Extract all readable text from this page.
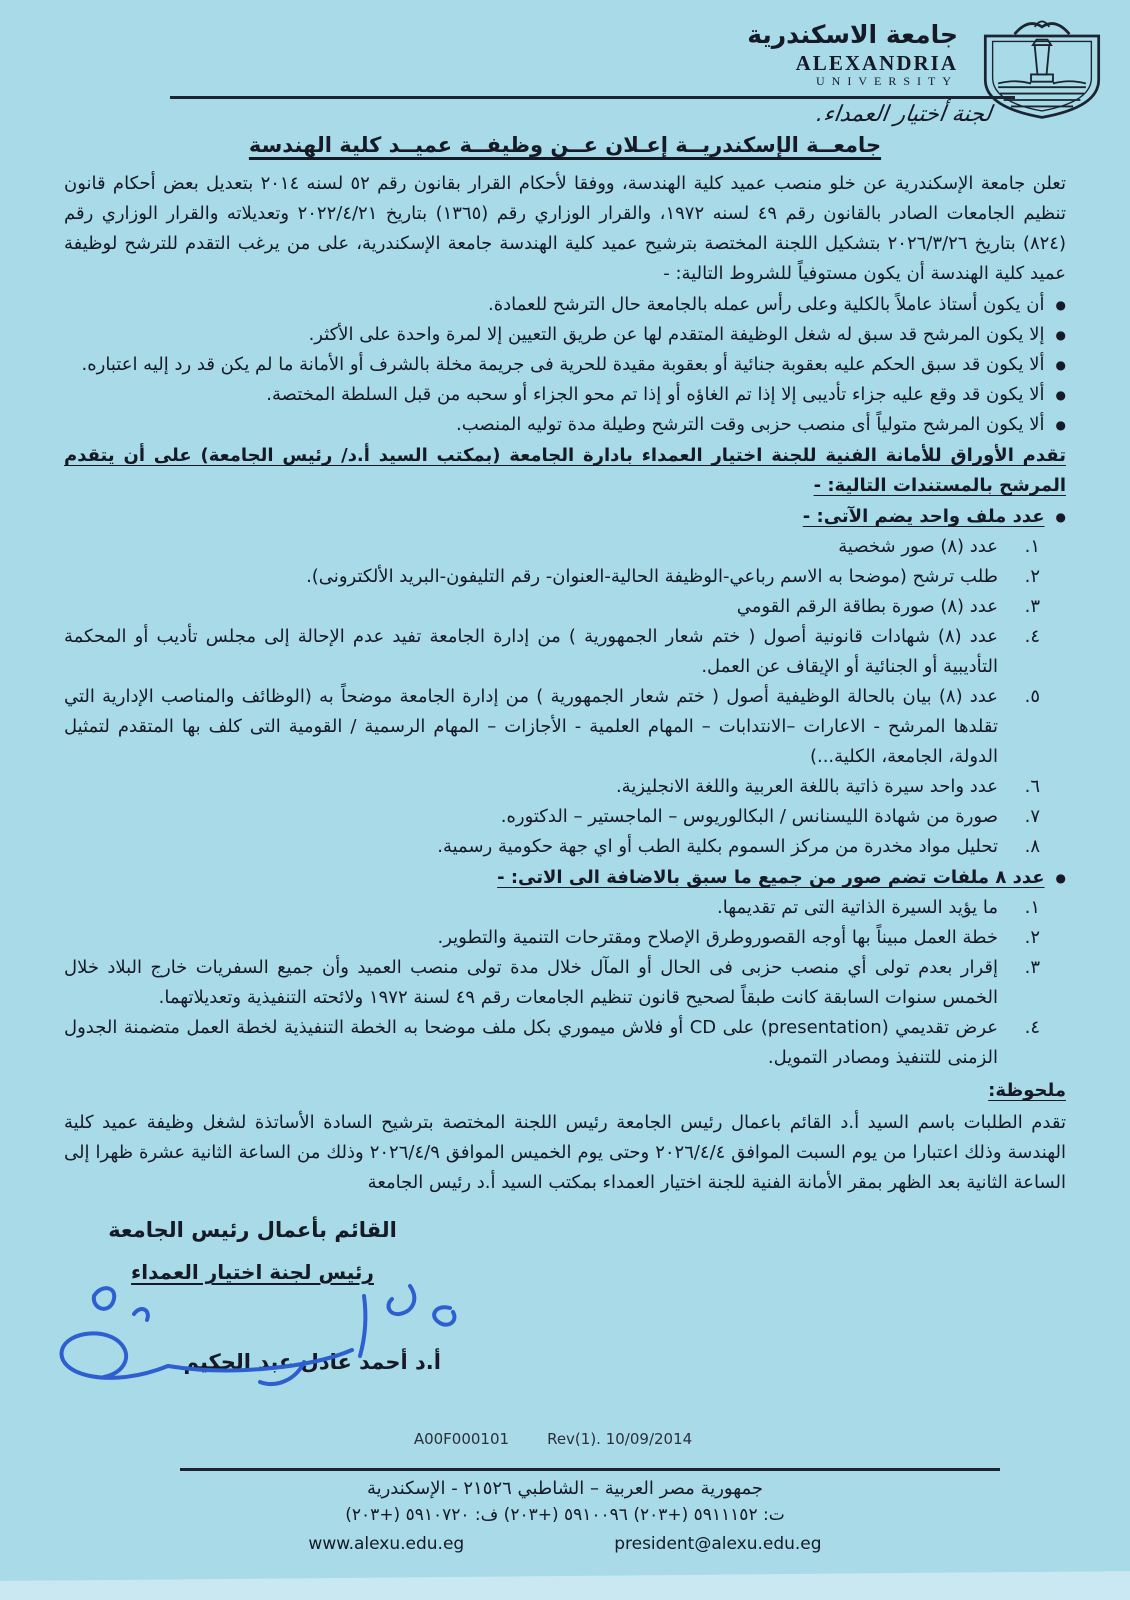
جامعة الاسكندرية
ALEXANDRIA
UNIVERSITY
لجنة أختيار العمداء.
جامعــة الإسكندريــة إعـلان عــن وظيفــة عميــد كلية الهندسة

تعلن جامعة الإسكندرية عن خلو منصب عميد كلية الهندسة، ووفقا لأحكام القرار بقانون رقم ٥٢ لسنه ٢٠١٤ بتعديل بعض أحكام قانون تنظيم الجامعات الصادر بالقانون رقم ٤٩ لسنه ١٩٧٢، والقرار الوزاري رقم (١٣٦٥) بتاريخ ٢٠٢٢/٤/٢١ وتعديلاته والقرار الوزاري رقم (٨٢٤) بتاريخ ٢٠٢٦/٣/٢٦ بتشكيل اللجنة المختصة بترشيح عميد كلية الهندسة جامعة الإسكندرية، على من يرغب التقدم للترشح لوظيفة عميد كلية الهندسة أن يكون مستوفياً للشروط التالية: -

●
أن يكون أستاذ عاملاً بالكلية وعلى رأس عمله بالجامعة حال الترشح للعمادة.
●
إلا يكون المرشح قد سبق له شغل الوظيفة المتقدم لها عن طريق التعيين إلا لمرة واحدة على الأكثر.
●
ألا يكون قد سبق الحكم عليه بعقوبة جنائية أو بعقوبة مقيدة للحرية فى جريمة مخلة بالشرف أو الأمانة ما لم يكن قد رد إليه اعتباره.
●
ألا يكون قد وقع عليه جزاء تأديبى إلا إذا تم الغاؤه أو إذا تم محو الجزاء أو سحبه من قبل السلطة المختصة.
●
ألا يكون المرشح متولياً أى منصب حزبى وقت الترشح وطيلة مدة توليه المنصب.

تقدم الأوراق للأمانة الفنية للجنة اختيار العمداء بادارة الجامعة (بمكتب السيد أ.د/ رئيس الجامعة) على أن يتقدم المرشح بالمستندات التالية: -

●
عدد ملف واحد يضم الآتى: -
١.
عدد (٨) صور شخصية
٢.
طلب ترشح (موضحا به الاسم رباعي-الوظيفة الحالية-العنوان- رقم التليفون-البريد الألكترونى).
٣.
عدد (٨) صورة بطاقة الرقم القومي
٤.
عدد (٨) شهادات قانونية أصول ( ختم شعار الجمهورية ) من إدارة الجامعة تفيد عدم الإحالة إلى مجلس تأديب أو المحكمة التأديبية أو الجنائية أو الإيقاف عن العمل.
٥.
عدد (٨) بيان بالحالة الوظيفية أصول ( ختم شعار الجمهورية ) من إدارة الجامعة موضحاً به (الوظائف والمناصب الإدارية التي تقلدها المرشح - الاعارات –الانتدابات – المهام العلمية - الأجازات – المهام الرسمية / القومية التى كلف بها المتقدم لتمثيل الدولة، الجامعة، الكلية...)
٦.
عدد واحد سيرة ذاتية باللغة العربية واللغة الانجليزية.
٧.
صورة من شهادة الليسنانس / البكالوريوس – الماجستير – الدكتوره.
٨.
تحليل مواد مخدرة من مركز السموم بكلية الطب أو اي جهة حكومية رسمية.
●
عدد ٨ ملفات تضم صور من جميع ما سبق بالاضافة الى الاتى: -
١.
ما يؤيد السيرة الذاتية التى تم تقديمها.
٢.
خطة العمل مبيناً بها أوجه القصوروطرق الإصلاح ومقترحات التنمية والتطوير.
٣.
إقرار بعدم تولى أي منصب حزبى فى الحال أو المآل خلال مدة تولى منصب العميد وأن جميع السفريات خارج البلاد خلال الخمس سنوات السابقة كانت طبقاً لصحيح قانون تنظيم الجامعات رقم ٤٩ لسنة ١٩٧٢ ولائحته التنفيذية وتعديلاتهما.
٤.
عرض تقديمي (presentation) على CD أو فلاش ميموري بكل ملف موضحا به الخطة التنفيذية لخطة العمل متضمنة الجدول الزمنى للتنفيذ ومصادر التمويل.
ملحوظة:

تقدم الطلبات باسم السيد أ.د القائم باعمال رئيس الجامعة رئيس اللجنة المختصة بترشيح السادة الأساتذة لشغل وظيفة عميد كلية الهندسة وذلك اعتبارا من يوم السبت الموافق ٢٠٢٦/٤/٤ وحتى يوم الخميس الموافق ٢٠٢٦/٤/٩ وذلك من الساعة الثانية عشرة ظهرا إلى الساعة الثانية بعد الظهر بمقر الأمانة الفنية للجنة اختيار العمداء بمكتب السيد أ.د رئيس الجامعة

القائم بأعمال رئيس الجامعة
رئيس لجنة اختيار العمداء
أ.د أحمد عادل عبد الحكيم
A00F000101	Rev(1). 10/09/2014
جمهورية مصر العربية – الشاطبي ٢١٥٢٦ - الإسكندرية
ت: ٥٩١١١٥٢ (+٢٠٣) ٥٩١٠٠٩٦ (+٢٠٣) ف: ٥٩١٠٧٢٠ (+٢٠٣)
www.alexu.edu.eg	president@alexu.edu.eg
